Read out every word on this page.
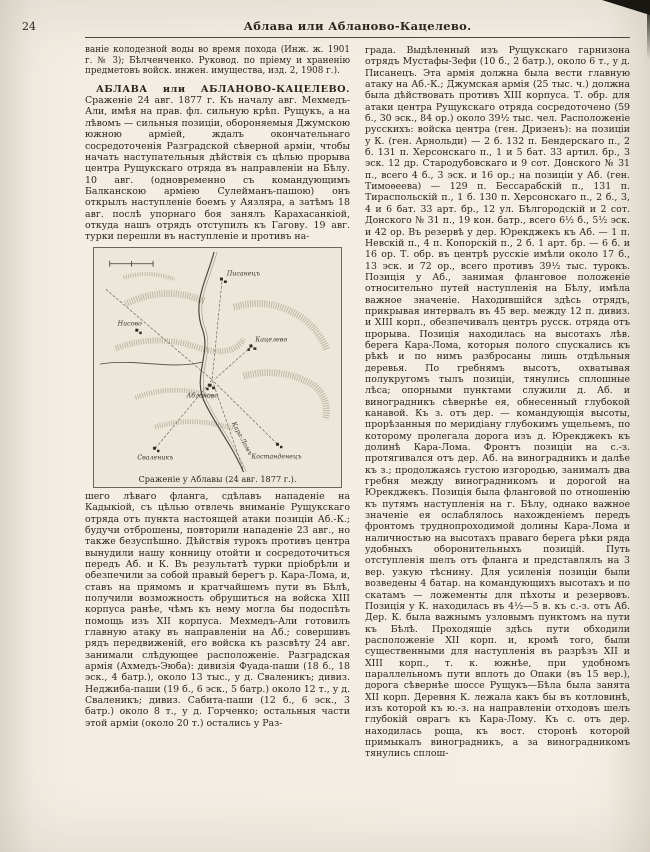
24	Аблава или Абланово-Кацелево.

ваніе колодезной воды во время похода (Инж. ж. 1901 г. № 3); Бѣлченченко. Руковод. по пріему и храненію предметовъ войск. инжен. имущества, изд. 2, 1908 г.).

АБЛАВА или АБЛАНОВО-КАЦЕЛЕВО. Сраженіе 24 авг. 1877 г. Къ началу авг. Мехмедъ-Али, имѣя на прав. фл. сильную крѣп. Рущукъ, а на лѣвомъ — сильныя позиціи, обороняемыя Джумскою южною арміей, ждалъ окончательнаго сосредоточенія Разградской сѣверной арміи, чтобы начать наступательныя дѣйствія съ цѣлью прорыва центра Рущукскаго отряда въ направленіи на Бѣлу. 10 авг. (одновременно съ командующимъ Балканскою арміею Сулейманъ-пашою) онъ открылъ наступленіе боемъ у Аязляра, а затѣмъ 18 авг. послѣ упорнаго боя занялъ Карахасанкіой, откуда нашъ отрядъ отступилъ къ Гагову. 19 авг. турки перешли въ наступленіе и противъ на-

Писанецъ
Нисово
Кацелево
Абланово
Сваленикъ	Костанденецъ
Кара-Ломъ
Сраженіе у Аблавы (24 авг. 1877 г.).

шего лѣваго фланга, сдѣлавъ нападеніе на Кадыкіой, съ цѣлью отвлечь вниманіе Рущукскаго отряда отъ пункта настоящей атаки позиціи Аб.-К.; будучи отброшены, повторили нападеніе 23 авг., но также безуспѣшно. Дѣйствія турокъ противъ центра вынудили нашу конницу отойти и сосредоточиться передъ Аб. и К. Въ результатѣ турки пріобрѣли и обезпечили за собой правый берегъ р. Кара-Лома, и, ставъ на прямомъ и кратчайшемъ пути въ Бѣлѣ, получили возможность обрушиться на войска XIII корпуса ранѣе, чѣмъ къ нему могла бы подоспѣть помощь изъ XII корпуса. Мехмедъ-Али готовилъ главную атаку въ направленіи на Аб.; совершивъ рядъ передвиженій, его войска къ разсвѣту 24 авг. занимали слѣдующее расположеніе. Разградская армія (Ахмедъ-Эюба): дивизія Фуада-паши (18 б., 18 эск., 4 батр.), около 13 тыс., у д. Сваленикъ; дивиз. Неджиба-паши (19 б., 6 эск., 5 батр.) около 12 т., у д. Сваленикъ; дивиз. Сабита-паши (12 б., 6 эск., 3 батр.) около 8 т., у д. Горченко; остальныя части этой арміи (около 20 т.) остались у Раз-

града. Выдѣленный изъ Рущукскаго гарнизона отрядъ Мустафы-Зефи (10 б., 2 батр.), около 6 т., у д. Писанецъ. Эта армія должна была вести главную атаку на Аб.-К.; Джумская армія (25 тыс. ч.) должна была дѣйствовать противъ XIII корпуса. Т. обр. для атаки центра Рущукскаго отряда сосредоточено (59 б., 30 эск., 84 ор.) около 39½ тыс. чел. Расположеніе русскихъ: войска центра (ген. Дризенъ): на позиціи у К. (ген. Арнольди) — 2 б. 132 п. Бендерскаго п., 2 б. 131 п. Херсонскаго п., 1 и 5 бат. 33 артил. бр., 3 эск. 12 др. Стародубовскаго и 9 сот. Донского № 31 п., всего 4 б., 3 эск. и 16 ор.; на позиціи у Аб. (ген. Тимоѳеева) — 129 п. Бессарабскій п., 131 п. Тираспольскій п., 1 б. 130 п. Херсонскаго п., 2 б., 3, 4 и 6 бат. 33 арт. бр., 12 ул. Бѣлгородскій и 2 сот. Донского № 31 п., 19 кон. батр., всего 6½ б., 5½ эск. и 42 ор. Въ резервѣ у дер. Юрекджекъ къ Аб. — 1 п. Невскій п., 4 п. Копорскій п., 2 б. 1 арт. бр. — 6 б. и 16 ор. Т. обр. въ центрѣ русскіе имѣли около 17 б., 13 эск. и 72 ор., всего противъ 39½ тыс. турокъ. Позиція у Аб., занимая фланговое положеніе относительно путей наступленія на Бѣлу, имѣла важное значеніе. Находившійся здѣсь отрядъ, прикрывая интервалъ въ 45 вер. между 12 п. дивиз. и XIII корп., обезпечивалъ центръ русск. отряда отъ прорыва. Позиція находилась на высотахъ лѣв. берега Кара-Лома, которыя полого спускались къ рѣкѣ и по нимъ разбросаны лишь отдѣльныя деревья. По гребнямъ высотъ, охватывая полукругомъ тылъ позиціи, тянулись сплошные лѣса; опорными пунктами служили д. Аб. и виноградникъ сѣвернѣе ея, обнесенный глубокой канавой. Къ з. отъ дер. — командующія высоты, прорѣзанныя по меридіану глубокимъ ущельемъ, по которому пролегала дорога изъ д. Юрекджекъ къ долинѣ Кара-Лома. Фронтъ позиціи на с.-з. протягивался отъ дер. Аб. на виноградникъ и далѣе къ з.; продолжаясь густою изгородью, занималъ два гребня между виноградникомъ и дорогой на Юрекджекъ. Позиція была фланговой по отношенію къ путямъ наступленія на г. Бѣлу, однако важное значеніе ея ослаблялось нахожденіемъ передъ фронтомъ труднопроходимой долины Кара-Лома и наличностью на высотахъ праваго берега рѣки ряда удобныхъ оборонительныхъ позицій. Путь отступленія шелъ отъ фланга и представлялъ на 3 вер. узкую тѣснину. Для усиленія позиціи были возведены 4 батар. на командующихъ высотахъ и по скатамъ — ложементы для пѣхоты и резервовъ. Позиція у К. находилась въ 4½—5 в. къ с.-з. отъ Аб. Дер. К. была важнымъ узловымъ пунктомъ на пути къ Бѣлѣ. Проходящіе здѣсь пути обходили расположеніе XII корп. и, кромѣ того, были существенными для наступленія въ разрѣзъ XII и XIII корп., т. к. южнѣе, при удобномъ параллельномъ пути вплоть до Опаки (въ 15 вер.), дорога сѣвернѣе шоссе Рущукъ—Бѣла была занята XII корп. Деревня К. лежала какъ бы въ котловинѣ, изъ которой къ ю.-з. на направленіи отходовъ шелъ глубокій оврагъ къ Кара-Лому. Къ с. отъ дер. находилась роща, къ вост. сторонѣ которой примыкалъ виноградникъ, а за виноградникомъ тянулись сплош-
